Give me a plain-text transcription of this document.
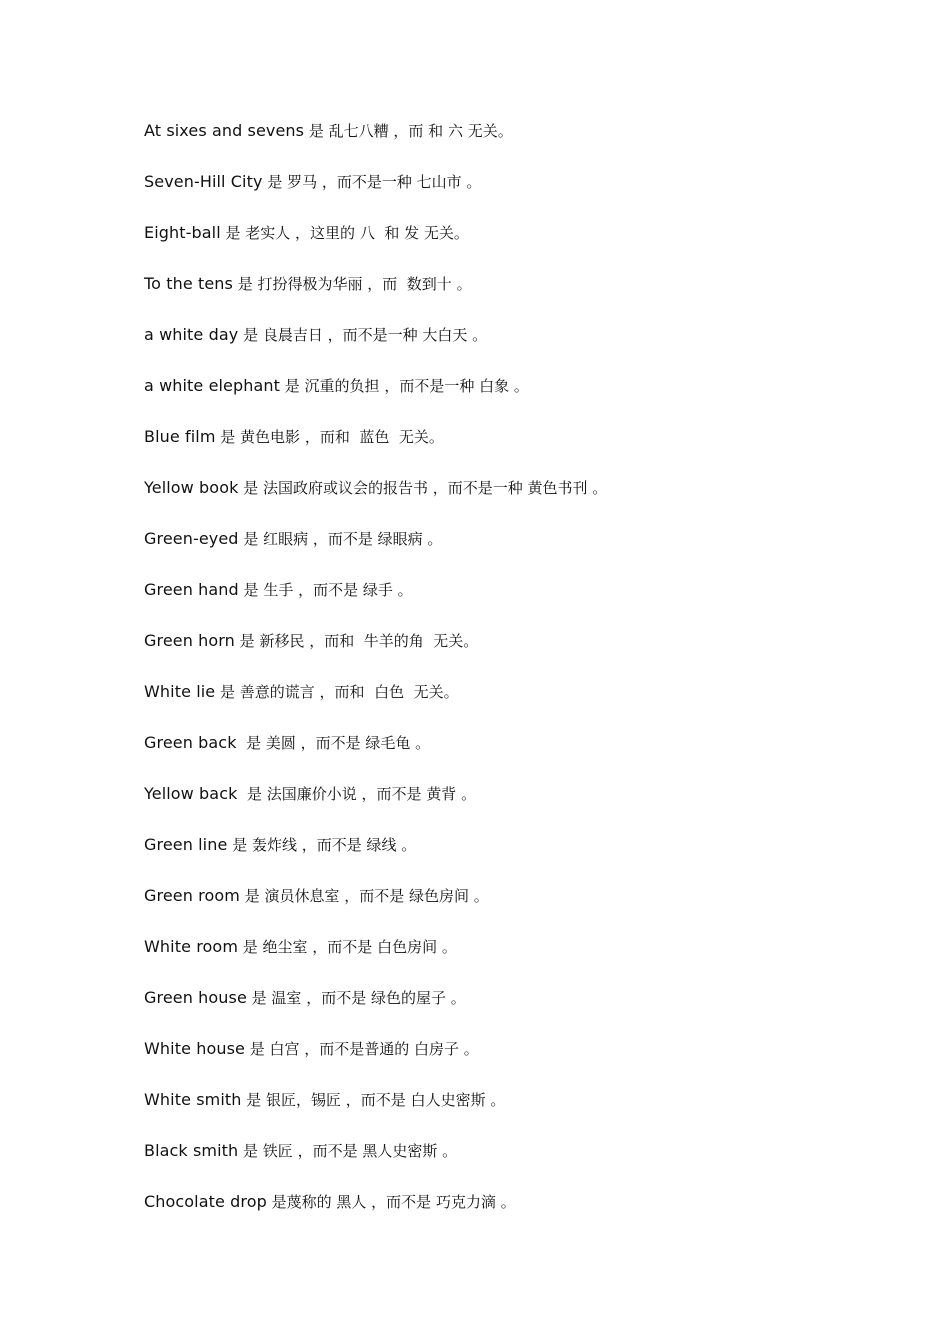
At sixes and sevens 是 乱七八糟 ，而 和 六 无关。
Seven-Hill City 是 罗马 ，而不是一种 七山市 。
Eight-ball 是 老实人 ，这里的 八  和 发 无关。
To the tens 是 打扮得极为华丽 ，而  数到十 。
a white day 是 良晨吉日 ，而不是一种 大白天 。
a white elephant 是 沉重的负担 ，而不是一种 白象 。
Blue film 是 黄色电影 ，而和  蓝色  无关。
Yellow book 是 法国政府或议会的报告书 ，而不是一种 黄色书刊 。
Green-eyed 是 红眼病 ，而不是 绿眼病 。
Green hand 是 生手 ，而不是 绿手 。
Green horn 是 新移民 ，而和  牛羊的角  无关。
White lie 是 善意的谎言 ，而和  白色  无关。
Green back  是 美圆 ，而不是 绿毛龟 。
Yellow back  是 法国廉价小说 ，而不是 黄背 。
Green line 是 轰炸线 ，而不是 绿线 。
Green room 是 演员休息室 ，而不是 绿色房间 。
White room 是 绝尘室 ，而不是 白色房间 。
Green house 是 温室 ，而不是 绿色的屋子 。
White house 是 白宫 ，而不是普通的 白房子 。
White smith 是 银匠，锡匠 ，而不是 白人史密斯 。
Black smith 是 铁匠 ，而不是 黑人史密斯 。
Chocolate drop 是蔑称的 黑人 ，而不是 巧克力滴 。
